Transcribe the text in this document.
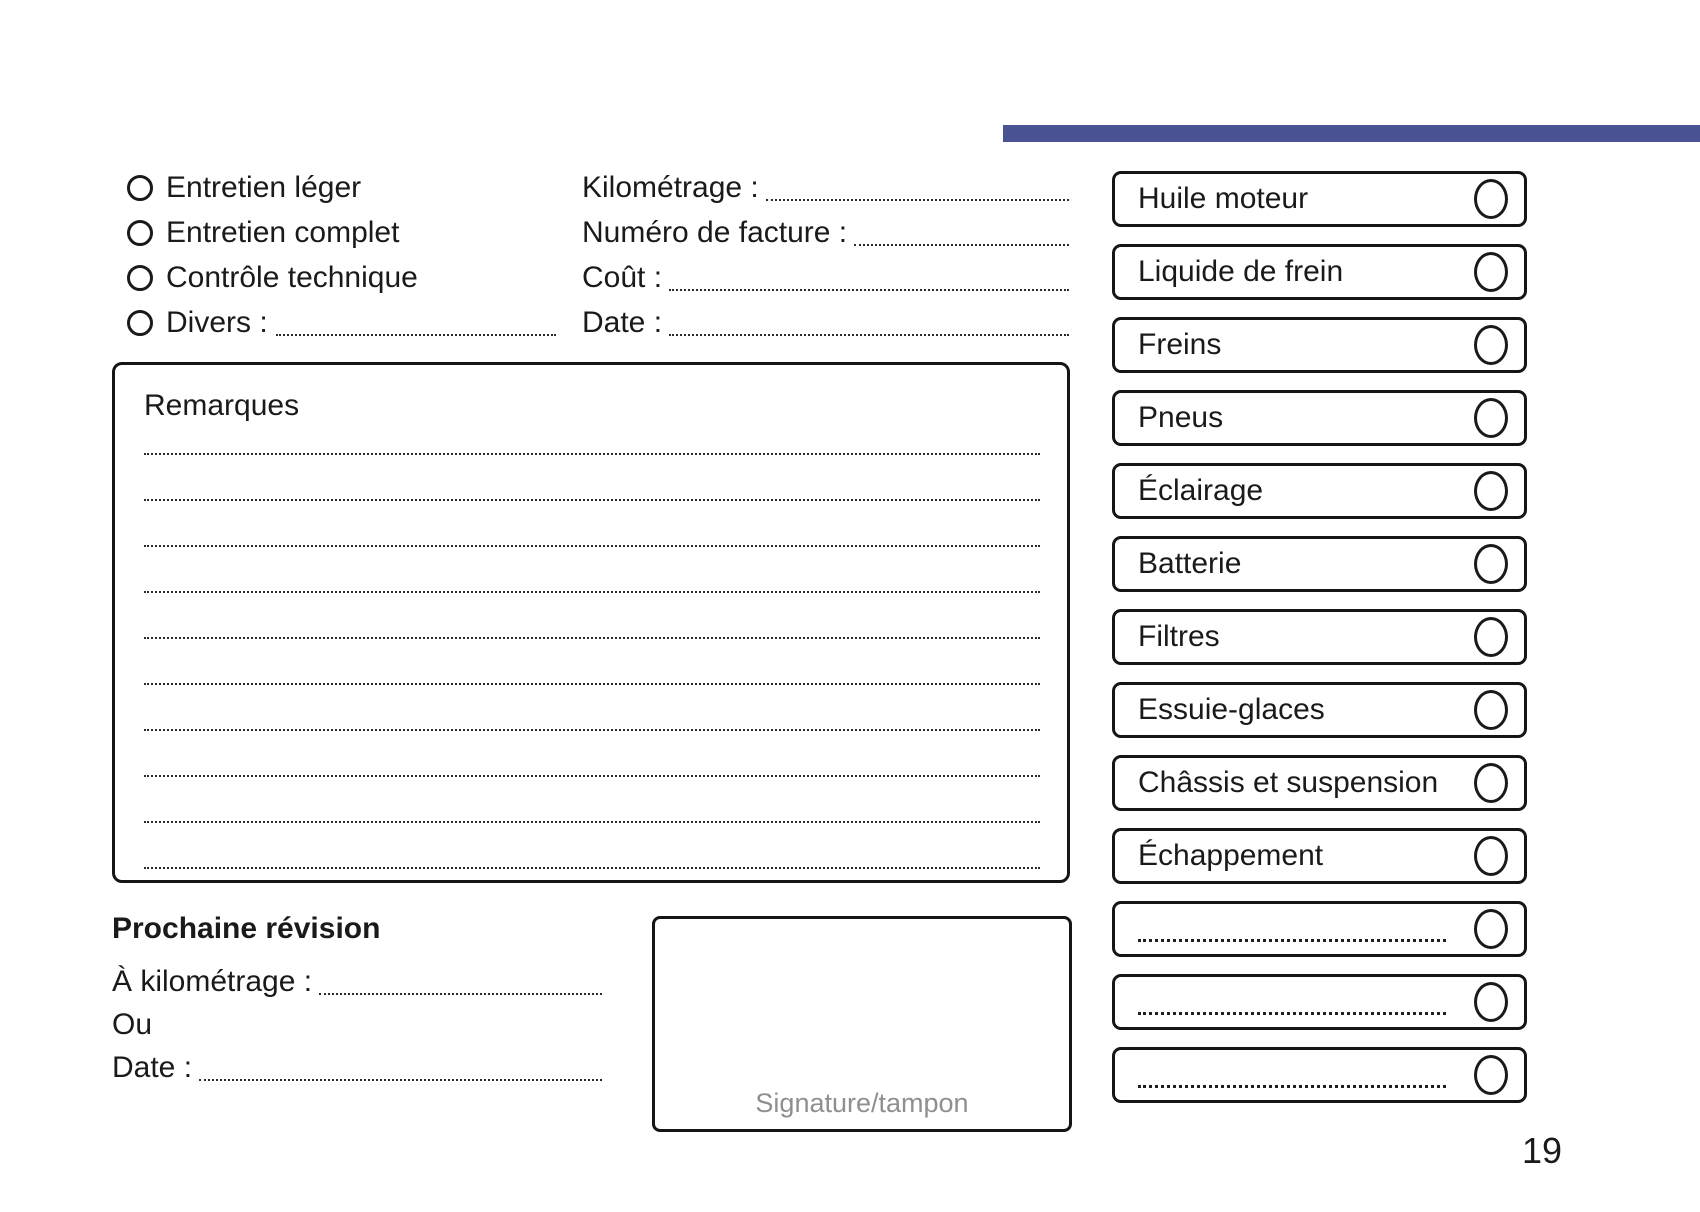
Entretien léger
Entretien complet
Contrôle technique
Divers :
Kilométrage :
Numéro de facture :
Coût :
Date :
Remarques
Prochaine révision
À kilométrage :
Ou
Date :
Signature/tampon
Huile moteur
Liquide de frein
Freins
Pneus
Éclairage
Batterie
Filtres
Essuie-glaces
Châssis et suspension
Échappement
19
